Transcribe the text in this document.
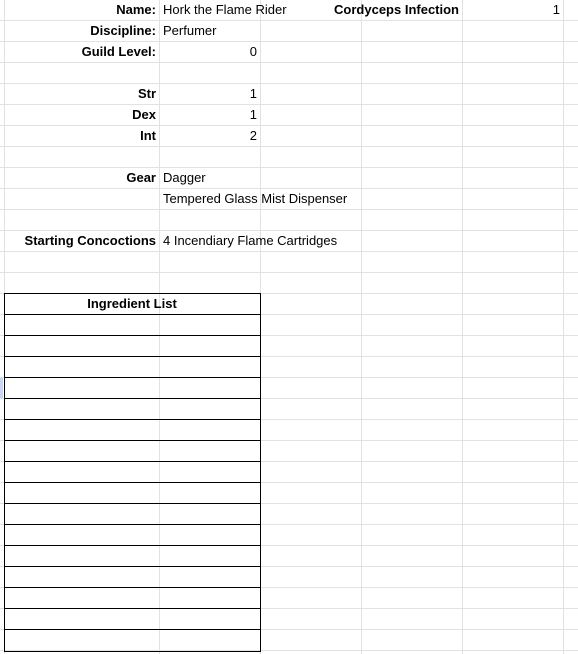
Name: Hork the Flame Rider	Cordyceps Infection	1
Discipline: Perfumer
Guild Level:	0
Str	1
Dex	1
Int	2
Gear Dagger
Tempered Glass Mist Dispenser
Starting Concoctions 4 Incendiary Flame Cartridges
Ingredient List
